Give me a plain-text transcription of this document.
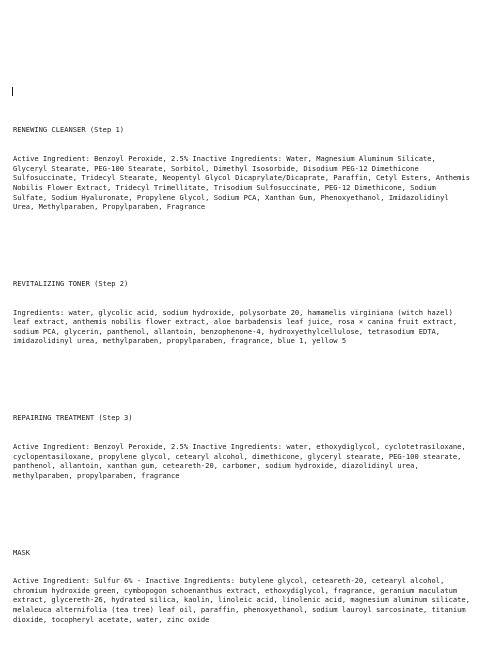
RENEWING CLEANSER (Step 1)

Active Ingredient: Benzoyl Peroxide, 2.5% Inactive Ingredients: Water, Magnesium Aluminum Silicate, Glyceryl Stearate, PEG-100 Stearate, Sorbitol, Dimethyl Isosorbide, Disodium PEG-12 Dimethicone Sulfosuccinate, Tridecyl Stearate, Neopentyl Glycol Dicaprylate/Dicaprate, Paraffin, Cetyl Esters, Anthemis Nobilis Flower Extract, Tridecyl Trimellitate, Trisodium Sulfosuccinate, PEG-12 Dimethicone, Sodium Sulfate, Sodium Hyaluronate, Propylene Glycol, Sodium PCA, Xanthan Gum, Phenoxyethanol, Imidazolidinyl Urea, Methylparaben, Propylparaben, Fragrance

REVITALIZING TONER (Step 2)

Ingredients: water, glycolic acid, sodium hydroxide, polysorbate 20, hamamelis virginiana (witch hazel) leaf extract, anthemis nobilis flower extract, aloe barbadensis leaf juice, rosa × canina fruit extract, sodium PCA, glycerin, panthenol, allantoin, benzophenone-4, hydroxyethylcellulose, tetrasodium EDTA, imidazolidinyl urea, methylparaben, propylparaben, fragrance, blue 1, yellow 5

REPAIRING TREATMENT (Step 3)

Active Ingredient: Benzoyl Peroxide, 2.5% Inactive Ingredients: water, ethoxydiglycol, cyclotetrasiloxane, cyclopentasiloxane, propylene glycol, cetearyl alcohol, dimethicone, glyceryl stearate, PEG-100 stearate, panthenol, allantoin, xanthan gum, ceteareth-20, carbomer, sodium hydroxide, diazolidinyl urea, methylparaben, propylparaben, fragrance

MASK

Active Ingredient: Sulfur 6% - Inactive Ingredients: butylene glycol, ceteareth-20, cetearyl alcohol, chromium hydroxide green, cymbopogon schoenanthus extract, ethoxydiglycol, fragrance, geranium maculatum extract, glycereth-26, hydrated silica, kaolin, linoleic acid, linolenic acid, magnesium aluminum silicate, melaleuca alternifolia (tea tree) leaf oil, paraffin, phenoxyethanol, sodium lauroyl sarcosinate, titanium dioxide, tocopheryl acetate, water, zinc oxide
